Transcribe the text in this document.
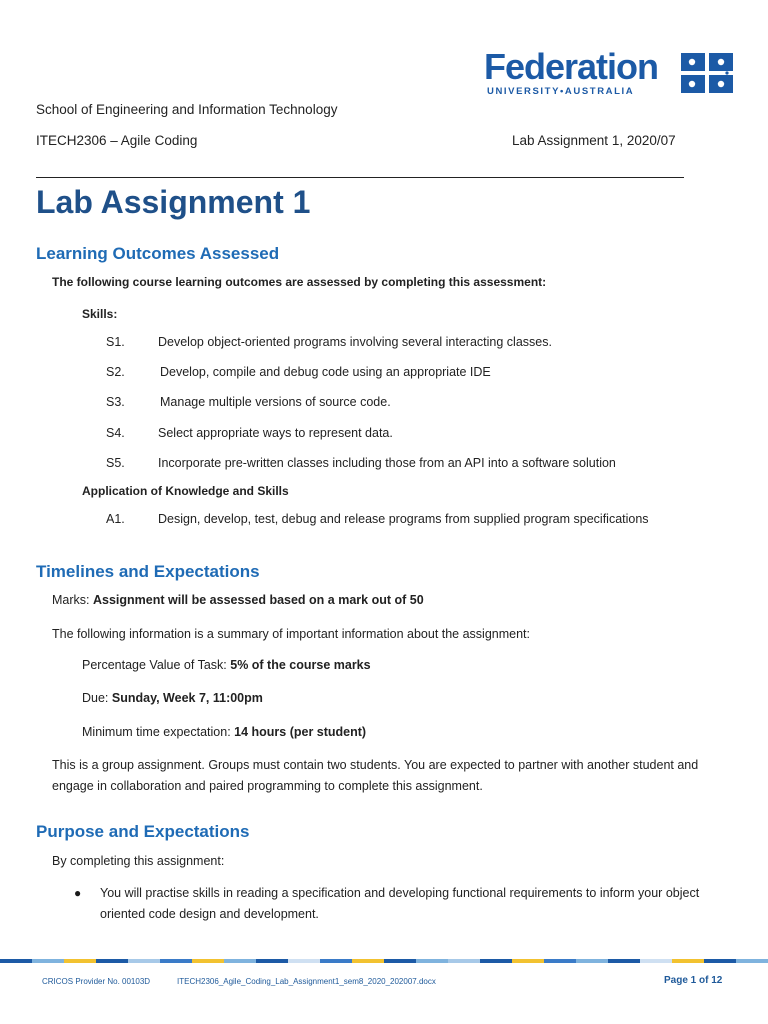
Federation
UNIVERSITY•AUSTRALIA
School of Engineering and Information Technology
ITECH2306 – Agile Coding	Lab Assignment 1, 2020/07
Lab Assignment 1
Learning Outcomes Assessed
The following course learning outcomes are assessed by completing this assessment:
Skills:
S1.	Develop object-oriented programs involving several interacting classes.
S2.	Develop, compile and debug code using an appropriate IDE
S3.	Manage multiple versions of source code.
S4.	Select appropriate ways to represent data.
S5.	Incorporate pre-written classes including those from an API into a software solution
Application of Knowledge and Skills
A1.	Design, develop, test, debug and release programs from supplied program specifications
Timelines and Expectations
Marks: Assignment will be assessed based on a mark out of 50
The following information is a summary of important information about the assignment:
Percentage Value of Task: 5% of the course marks
Due: Sunday, Week 7, 11:00pm
Minimum time expectation: 14 hours (per student)
This is a group assignment. Groups must contain two students. You are expected to partner with another student and engage in collaboration and paired programming to complete this assignment.
Purpose and Expectations
By completing this assignment:
● You will practise skills in reading a specification and developing functional requirements to inform your object oriented code design and development.
CRICOS Provider No. 00103D	ITECH2306_Agile_Coding_Lab_Assignment1_sem8_2020_202007.docx	Page 1 of 12
